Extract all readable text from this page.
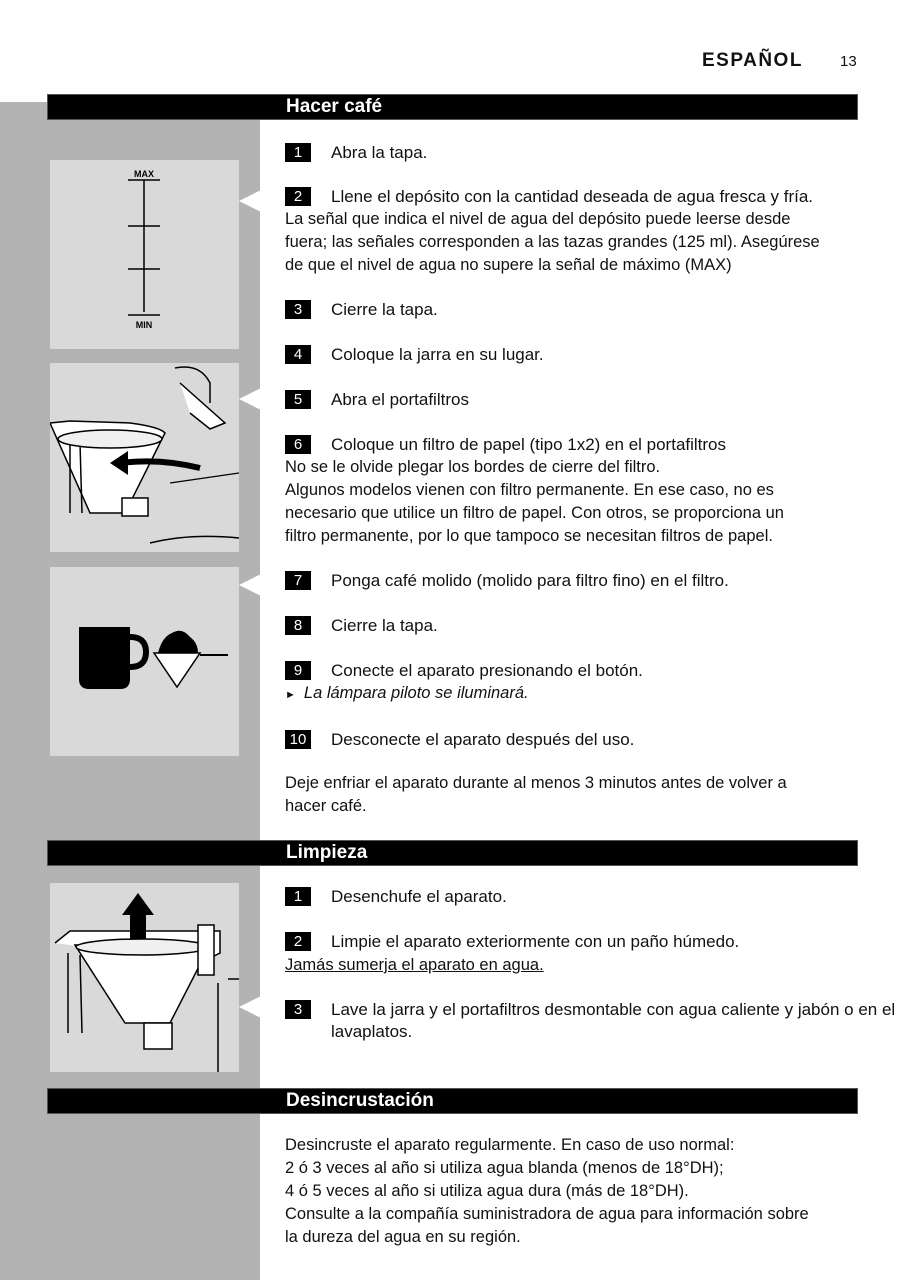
ESPAÑOL 13
Hacer café
MAX
MIN
1 Abra la tapa.
2 Llene el depósito con la cantidad deseada de agua fresca y fría.
La señal que indica el nivel de agua del depósito puede leerse desde
fuera; las señales corresponden a las tazas grandes (125 ml). Asegúrese
de que el nivel de agua no supere la señal de máximo (MAX)
3 Cierre la tapa.
4 Coloque la jarra en su lugar.
5 Abra el portafiltros
6 Coloque un filtro de papel (tipo 1x2) en el portafiltros
No se le olvide plegar los bordes de cierre del filtro.
Algunos modelos vienen con filtro permanente. En ese caso, no es
necesario que utilice un filtro de papel. Con otros, se proporciona un
filtro permanente, por lo que tampoco se necesitan filtros de papel.
7 Ponga café molido (molido para filtro fino) en el filtro.
8 Cierre la tapa.
9 Conecte el aparato presionando el botón.
► La lámpara piloto se iluminará.
10 Desconecte el aparato después del uso.
Deje enfriar el aparato durante al menos 3 minutos antes de volver a
hacer café.
Limpieza
1 Desenchufe el aparato.
2 Limpie el aparato exteriormente con un paño húmedo.
Jamás sumerja el aparato en agua.
3 Lave la jarra y el portafiltros desmontable con agua caliente y jabón o en el lavaplatos.
Desincrustación
Desincruste el aparato regularmente. En caso de uso normal:
2 ó 3 veces al año si utiliza agua blanda (menos de 18°DH);
4 ó 5 veces al año si utiliza agua dura (más de 18°DH).
Consulte a la compañía suministradora de agua para información sobre
la dureza del agua en su región.
